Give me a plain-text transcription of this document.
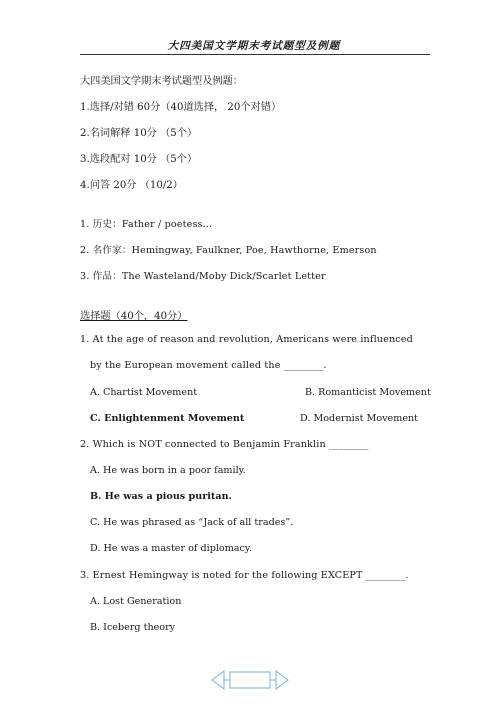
大四美国文学期末考试题型及例题
大四美国文学期末考试题型及例题：
1.选择/对错 60分（40道选择， 20个对错）
2.名词解释 10分 （5个）
3.选段配对 10分 （5个）
4.问答 20分 （10/2）
1. 历史：Father / poetess…
2. 名作家：Hemingway, Faulkner, Poe, Hawthorne, Emerson
3. 作品：The Wasteland/Moby Dick/Scarlet Letter
选择题（40个，40分）
1. At the age of reason and revolution, Americans were influenced
by the European movement called the ________.
A. Chartist Movement	B. Romanticist Movement
C. Enlightenment Movement	D. Modernist Movement
2. Which is NOT connected to Benjamin Franklin ________
A. He was born in a poor family.
B. He was a pious puritan.
C. He was phrased as “Jack of all trades”.
D. He was a master of diplomacy.
3. Ernest Hemingway is noted for the following EXCEPT ________.
A. Lost Generation
B. Iceberg theory
